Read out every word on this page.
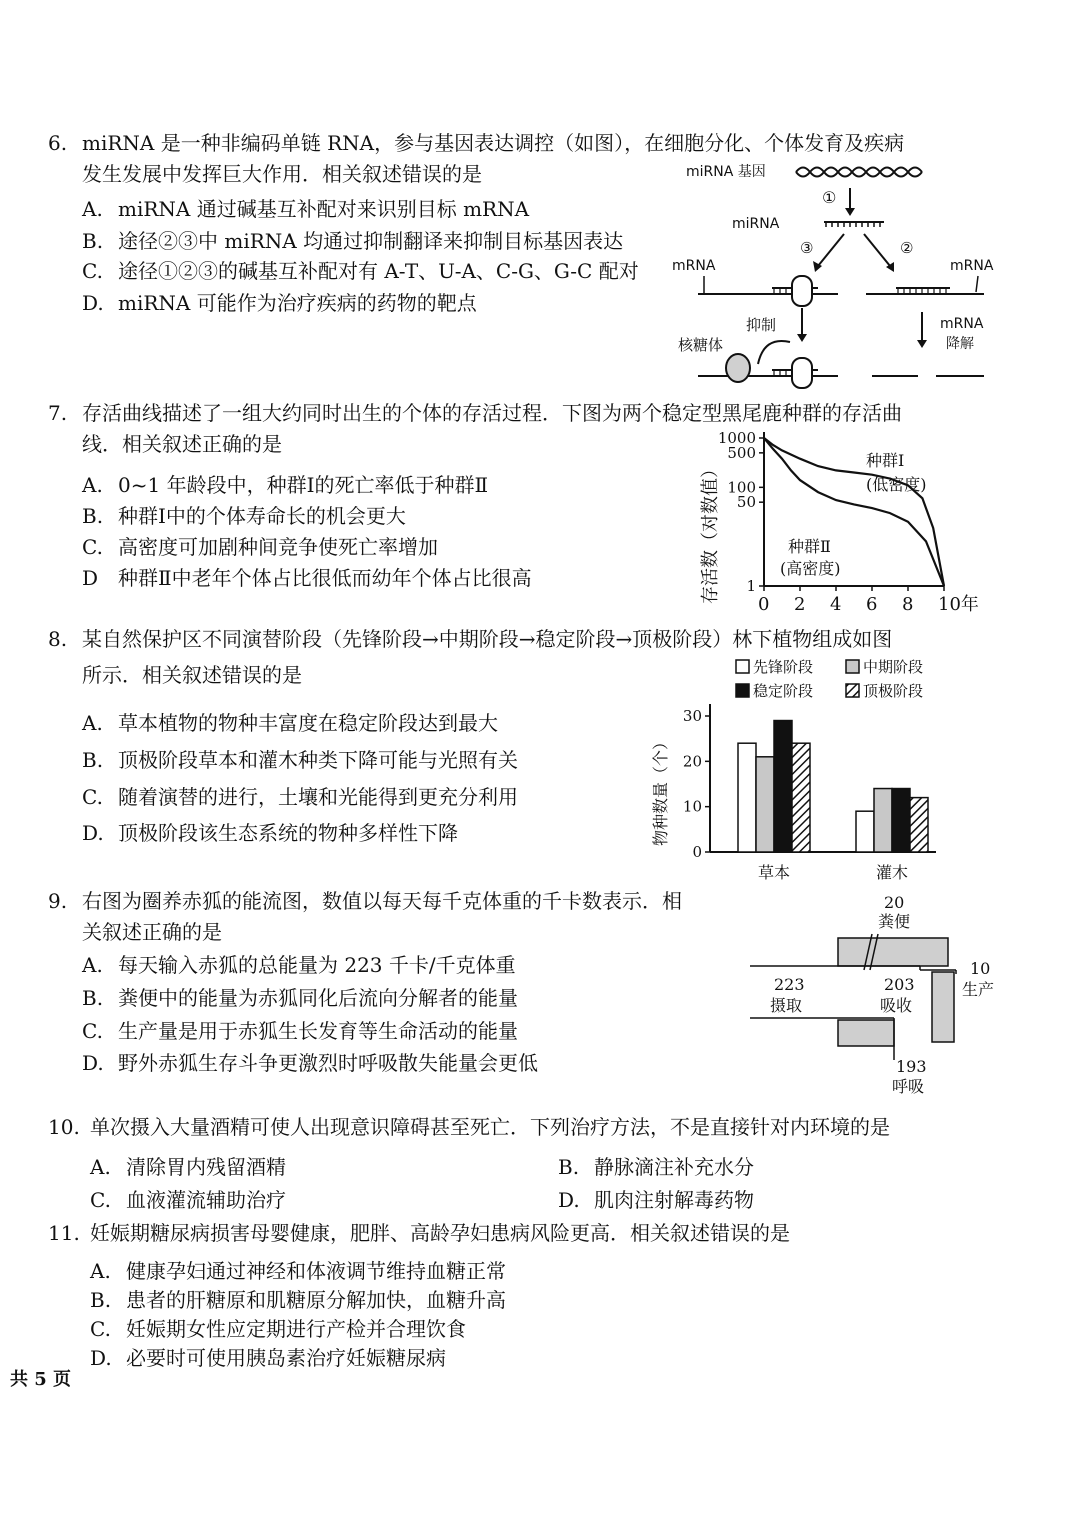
6. miRNA 是一种非编码单链 RNA，参与基因表达调控（如图），在细胞分化、个体发育及疾病
发生发展中发挥巨大作用．相关叙述错误的是
A. miRNA 通过碱基互补配对来识别目标 mRNA
B. 途径②③中 miRNA 均通过抑制翻译来抑制目标基因表达
C. 途径①②③的碱基互补配对有 A-T、U-A、C-G、G-C 配对
D. miRNA 可能作为治疗疾病的药物的靶点
miRNA 基因
①
miRNA
③	②
mRNA	mRNA
抑制
核糖体
mRNA
降解
7. 存活曲线描述了一组大约同时出生的个体的存活过程．下图为两个稳定型黑尾鹿种群的存活曲
线．相关叙述正确的是
A. 0~1 年龄段中，种群Ⅰ的死亡率低于种群Ⅱ
B. 种群Ⅰ中的个体寿命长的机会更大
C. 高密度可加剧种间竞争使死亡率增加
D 种群Ⅱ中老年个体占比很低而幼年个体占比很高	存活数（对数值） 1
50
100
500
1000
0 2 4 6 8 10年
种群Ⅰ
(低密度)
种群Ⅱ
(高密度)
8. 某自然保护区不同演替阶段（先锋阶段→中期阶段→稳定阶段→顶极阶段）林下植物组成如图
所示．相关叙述错误的是
A. 草本植物的物种丰富度在稳定阶段达到最大
B. 顶极阶段草本和灌木种类下降可能与光照有关
C. 随着演替的进行，土壤和光能得到更充分利用
D. 顶极阶段该生态系统的物种多样性下降
先锋阶段	中期阶段
稳定阶段	顶极阶段
物种数量（个）
0
10
20
30
草本	灌木
9. 右图为圈养赤狐的能流图，数值以每天每千克体重的千卡数表示．相
关叙述正确的是
A. 每天输入赤狐的总能量为 223 千卡/千克体重
B. 粪便中的能量为赤狐同化后流向分解者的能量
C. 生产量是用于赤狐生长发育等生命活动的能量
D. 野外赤狐生存斗争更激烈时呼吸散失能量会更低
20
粪便
223
摄取
203
吸收
10
生产
193
呼吸
10. 单次摄入大量酒精可使人出现意识障碍甚至死亡．下列治疗方法，不是直接针对内环境的是
A. 清除胃内残留酒精	B. 静脉滴注补充水分
C. 血液灌流辅助治疗	D. 肌肉注射解毒药物
11. 妊娠期糖尿病损害母婴健康，肥胖、高龄孕妇患病风险更高．相关叙述错误的是
A. 健康孕妇通过神经和体液调节维持血糖正常
B. 患者的肝糖原和肌糖原分解加快，血糖升高
C. 妊娠期女性应定期进行产检并合理饮食
D. 必要时可使用胰岛素治疗妊娠糖尿病
共 5 页
